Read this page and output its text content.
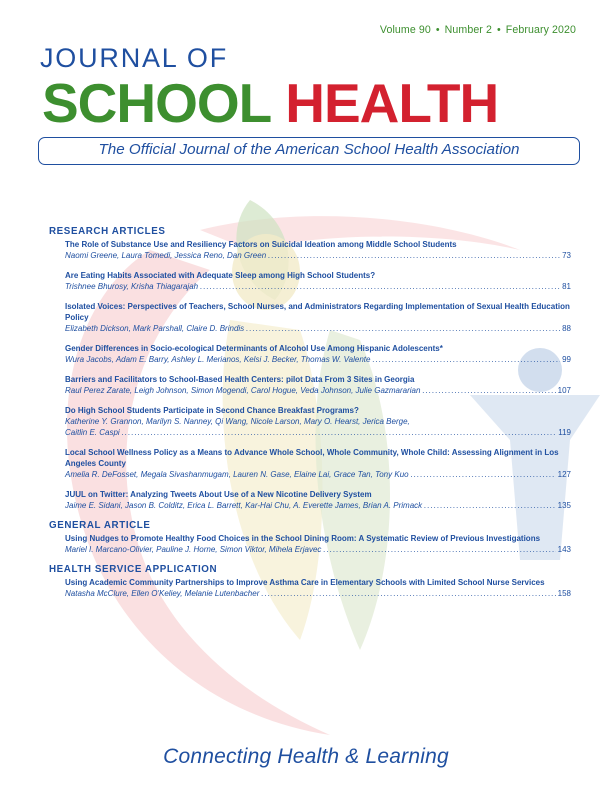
Volume 90 • Number 2 • February 2020
JOURNAL OF
SCHOOL HEALTH
The Official Journal of the American School Health Association
RESEARCH ARTICLES
The Role of Substance Use and Resiliency Factors on Suicidal Ideation among Middle School Students
Naomi Greene, Laura Tomedi, Jessica Reno, Dan Green .....	73
Are Eating Habits Associated with Adequate Sleep among High School Students?
Trishnee Bhurosy, Krisha Thiagarajah .....	81
Isolated Voices: Perspectives of Teachers, School Nurses, and Administrators Regarding Implementation of Sexual Health Education Policy
Elizabeth Dickson, Mark Parshall, Claire D. Brindis .....	88
Gender Differences in Socio-ecological Determinants of Alcohol Use Among Hispanic Adolescents*
Wura Jacobs, Adam E. Barry, Ashley L. Merianos, Kelsi J. Becker, Thomas W. Valente .....	99
Barriers and Facilitators to School-Based Health Centers: pilot Data From 3 Sites in Georgia
Raul Perez Zarate, Leigh Johnson, Simon Mogendi, Carol Hogue, Veda Johnson, Julie Gazmararian .....	107
Do High School Students Participate in Second Chance Breakfast Programs?
Katherine Y. Grannon, Marilyn S. Nanney, Qi Wang, Nicole Larson, Mary O. Hearst, Jerica Berge,
Caitlin E. Caspi .....	119
Local School Wellness Policy as a Means to Advance Whole School, Whole Community, Whole Child: Assessing Alignment in Los Angeles County
Amelia R. DeFosset, Megala Sivashanmugam, Lauren N. Gase, Elaine Lai, Grace Tan, Tony Kuo .....	127
JUUL on Twitter: Analyzing Tweets About Use of a New Nicotine Delivery System
Jaime E. Sidani, Jason B. Colditz, Erica L. Barrett, Kar-Hai Chu, A. Everette James, Brian A. Primack .....	135
GENERAL ARTICLE
Using Nudges to Promote Healthy Food Choices in the School Dining Room: A Systematic Review of Previous Investigations
Mariel I. Marcano-Olivier, Pauline J. Horne, Simon Viktor, Mihela Erjavec .....	143
HEALTH SERVICE APPLICATION
Using Academic Community Partnerships to Improve Asthma Care in Elementary Schools with Limited School Nurse Services
Natasha McClure, Ellen O'Keliey, Melanie Lutenbacher .....	158
Connecting Health & Learning
